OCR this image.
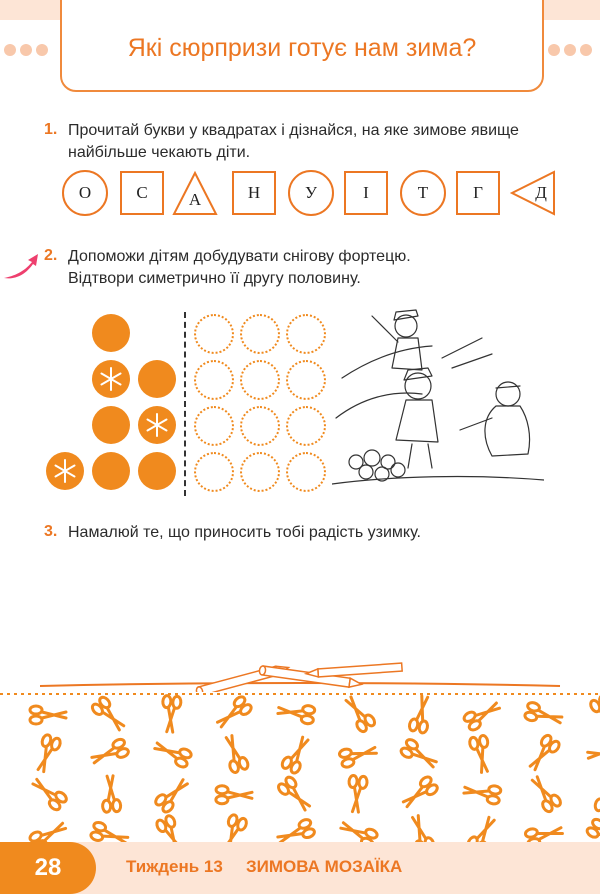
Які сюрпризи готує нам зима?
1. Прочитай букви у квадратах і дізнайся, на яке зимове явище
найбільше чекають діти.
О	С А	Н	У	І	Т	Г	Д
2. Допоможи дітям добудувати снігову фортецю.
Відтвори симетрично її другу половину.
3. Намалюй те, що приносить тобі радість узимку.
28	Тиждень 13 ЗИМОВА МОЗАЇКА
